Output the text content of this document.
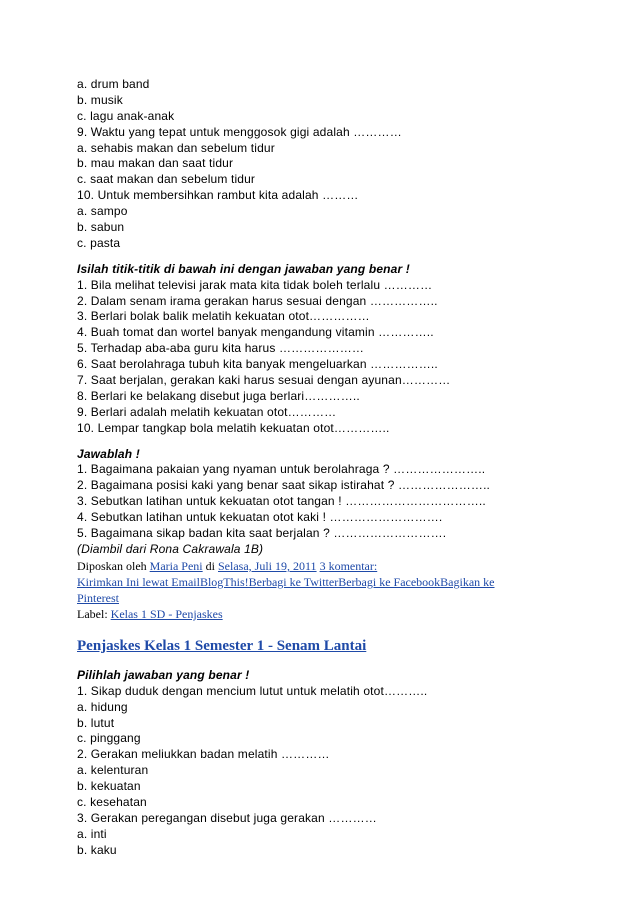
a. drum band
b. musik
c. lagu anak-anak
9. Waktu yang tepat untuk menggosok gigi adalah …………
a. sehabis makan dan sebelum tidur
b. mau makan dan saat tidur
c. saat makan dan sebelum tidur
10. Untuk membersihkan rambut kita adalah ………
a. sampo
b. sabun
c. pasta
Isilah titik-titik di bawah ini dengan jawaban yang benar !
1. Bila melihat televisi jarak mata kita tidak boleh terlalu …………
2. Dalam senam irama gerakan harus sesuai dengan ……………..
3. Berlari bolak balik melatih kekuatan otot……………
4. Buah tomat dan wortel banyak mengandung vitamin …………..
5. Terhadap aba-aba guru kita harus …………………
6. Saat berolahraga tubuh kita banyak mengeluarkan ……………..
7. Saat berjalan, gerakan kaki harus sesuai dengan ayunan…………
8. Berlari ke belakang disebut juga berlari…………..
9. Berlari adalah melatih kekuatan otot…………
10. Lempar tangkap bola melatih kekuatan otot…………..
Jawablah !
1. Bagaimana pakaian yang nyaman untuk berolahraga ? …………………..
2. Bagaimana posisi kaki yang benar saat sikap istirahat ? …………………..
3. Sebutkan latihan untuk kekuatan otot tangan ! ……………………………..
4. Sebutkan latihan untuk kekuatan otot kaki ! ……………………….
5. Bagaimana sikap badan kita saat berjalan ? ……………………….
(Diambil dari Rona Cakrawala 1B)
Diposkan oleh Maria Peni di Selasa, Juli 19, 2011 3 komentar:
Kirimkan Ini lewat EmailBlogThis!Berbagi ke TwitterBerbagi ke FacebookBagikan ke
Pinterest
Label: Kelas 1 SD - Penjaskes
Penjaskes Kelas 1 Semester 1 - Senam Lantai
Pilihlah jawaban yang benar !
1. Sikap duduk dengan mencium lutut untuk melatih otot………..
a. hidung
b. lutut
c. pinggang
2. Gerakan meliukkan badan melatih …………
a. kelenturan
b. kekuatan
c. kesehatan
3. Gerakan peregangan disebut juga gerakan …………
a. inti
b. kaku
